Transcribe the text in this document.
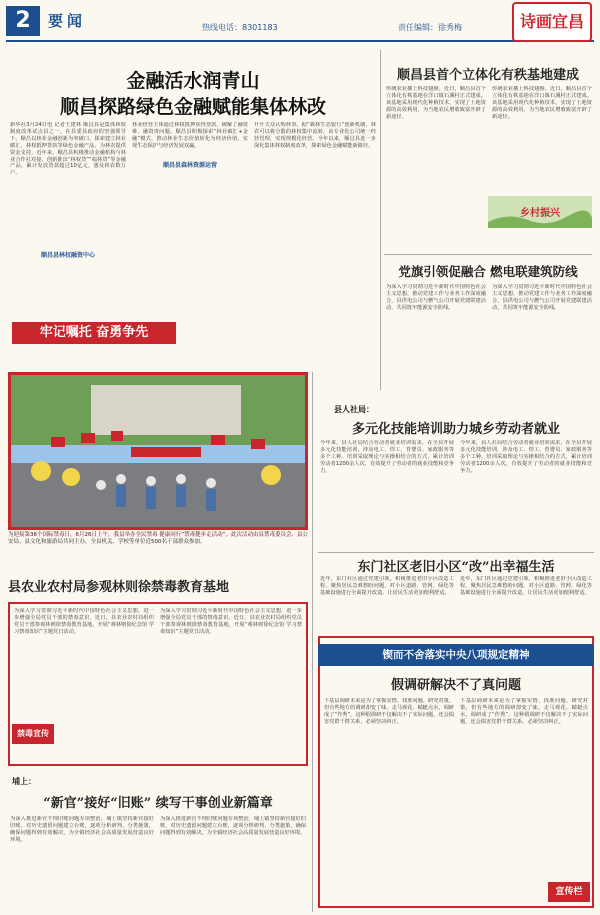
2	要闻	热线电话：8301183	责任编辑：徐秀梅	诗画宜昌
金融活水润青山
顺昌探路绿色金融赋能集体林改
新华社3月24日电 记者王建林 顺昌县是集体林权制度改革试点县之一。在县委县政府的坚强领导下，顺昌以林业金融创新为突破口，探索建立林业碳汇、林权抵押贷款等绿色金融产品，为林农提供资金支持。近年来，顺昌县积极推动金融机构与林业合作社对接，创新推出“林权贷”“福林贷”等金融产品，累计发放贷款超过10亿元，惠及林农数万户。
顺昌县林权融资中心
林业经营主体通过林权抵押获得贷款，破解了融资难、融资贵问题。顺昌县积极探索“林业碳汇+金融”模式，推动林业生态价值转化为经济价值，实现生态保护与经济发展双赢。
顺昌县森林资源运营
升升夫众认购林票。据“森林生态银行”创新机制，林农可以将分散的林权集中流转，由专业化公司统一经营管理，实现规模化经营。今年以来，顺昌县进一步深化集体林权制度改革，探索绿色金融赋能新路径。
牢记嘱托 奋勇争先
顺昌县首个立体化有秩基地建成
传统农业插上科技翅膀。近日，顺昌县首个立体化有秩基地在洋口镇石溪村正式建成。该基地采用现代化种植技术，实现了土地资源的高效利用，为当地农民增收致富开辟了新途径。
传统农业插上科技翅膀。近日，顺昌县首个立体化有秩基地在洋口镇石溪村正式建成。该基地采用现代化种植技术，实现了土地资源的高效利用，为当地农民增收致富开辟了新途径。
乡村振兴
党旗引领促融合 燃电联建筑防线
为深入学习贯彻习近平新时代中国特色社会主义思想，推动党建工作与业务工作深度融合，县供电公司与燃气公司开展党建联建活动，共同筑牢能源安全防线。
为深入学习贯彻习近平新时代中国特色社会主义思想，推动党建工作与业务工作深度融合，县供电公司与燃气公司开展党建联建活动，共同筑牢能源安全防线。
为迎接第36个国际禁毒日，6月26日上午，我县举办全民禁毒 健康同行“禁毒健步走活动”。此次活动由县禁毒委员会、县公安局、县文化和旅游局共同主办，全县机关、学校等单位近500名干部群众参加。
县人社局：
多元化技能培训助力城乡劳动者就业
今年来，县人社局结合劳动者就业培训需求，在全县开展多元化技能培训，涉及电工、焊工、育婴员、家政服务等多个工种。培训采取理论与实操相结合的方式，累计培训劳动者1200余人次，有效提升了劳动者的就业技能和竞争力。
今年来，县人社局结合劳动者就业培训需求，在全县开展多元化技能培训，涉及电工、焊工、育婴员、家政服务等多个工种。培训采取理论与实操相结合的方式，累计培训劳动者1200余人次，有效提升了劳动者的就业技能和竞争力。
东门社区老旧小区“改”出幸福生活
近年，东门社区通过党建引领，积极推进老旧小区改造工程，聚焦居民急难愁盼问题，对小区道路、管网、绿化等基础设施进行全面提升改造，让居民生活更加便利舒适。
近年，东门社区通过党建引领，积极推进老旧小区改造工程，聚焦居民急难愁盼问题，对小区道路、管网、绿化等基础设施进行全面提升改造，让居民生活更加便利舒适。
县农业农村局参观林则徐禁毒教育基地
为深入学习贯彻习近平新时代中国特色社会主义思想，进一步增强全局党员干部的禁毒意识，近日，县农业农村局组织党员干部参观林则徐禁毒教育基地，开展“观林则徐纪念馆 学习禁毒知识”主题党日活动。
为深入学习贯彻习近平新时代中国特色社会主义思想，进一步增强全局党员干部的禁毒意识，近日，县农业农村局组织党员干部参观林则徐禁毒教育基地，开展“观林则徐纪念馆 学习禁毒知识”主题党日活动。
禁毒宣传
锲而不舍落实中央八项规定精神
假调研解决不了真问题
下基层调研本来是为了掌握实情、找准问题、研究对策。但有些地方的调研却变了味，走马观花、蜻蜓点水，调研成了“作秀”，这种假调研不仅解决不了实际问题，还会损害党群干群关系，必须坚决纠正。
下基层调研本来是为了掌握实情、找准问题、研究对策。但有些地方的调研却变了味，走马观花、蜻蜓点水，调研成了“作秀”，这种假调研不仅解决不了实际问题，还会损害党群干群关系，必须坚决纠正。
宣传栏
埔上：
“新官”接好“旧账” 续写干事创业新篇章
为深入推进新官不理旧账问题专项整治，埔上镇坚持新官接好旧账，对历史遗留问题建立台账，逐项分析研判、分类施策，确保问题得到有效解决，为全镇经济社会高质量发展营造良好环境。
为深入推进新官不理旧账问题专项整治，埔上镇坚持新官接好旧账，对历史遗留问题建立台账，逐项分析研判、分类施策，确保问题得到有效解决，为全镇经济社会高质量发展营造良好环境。
